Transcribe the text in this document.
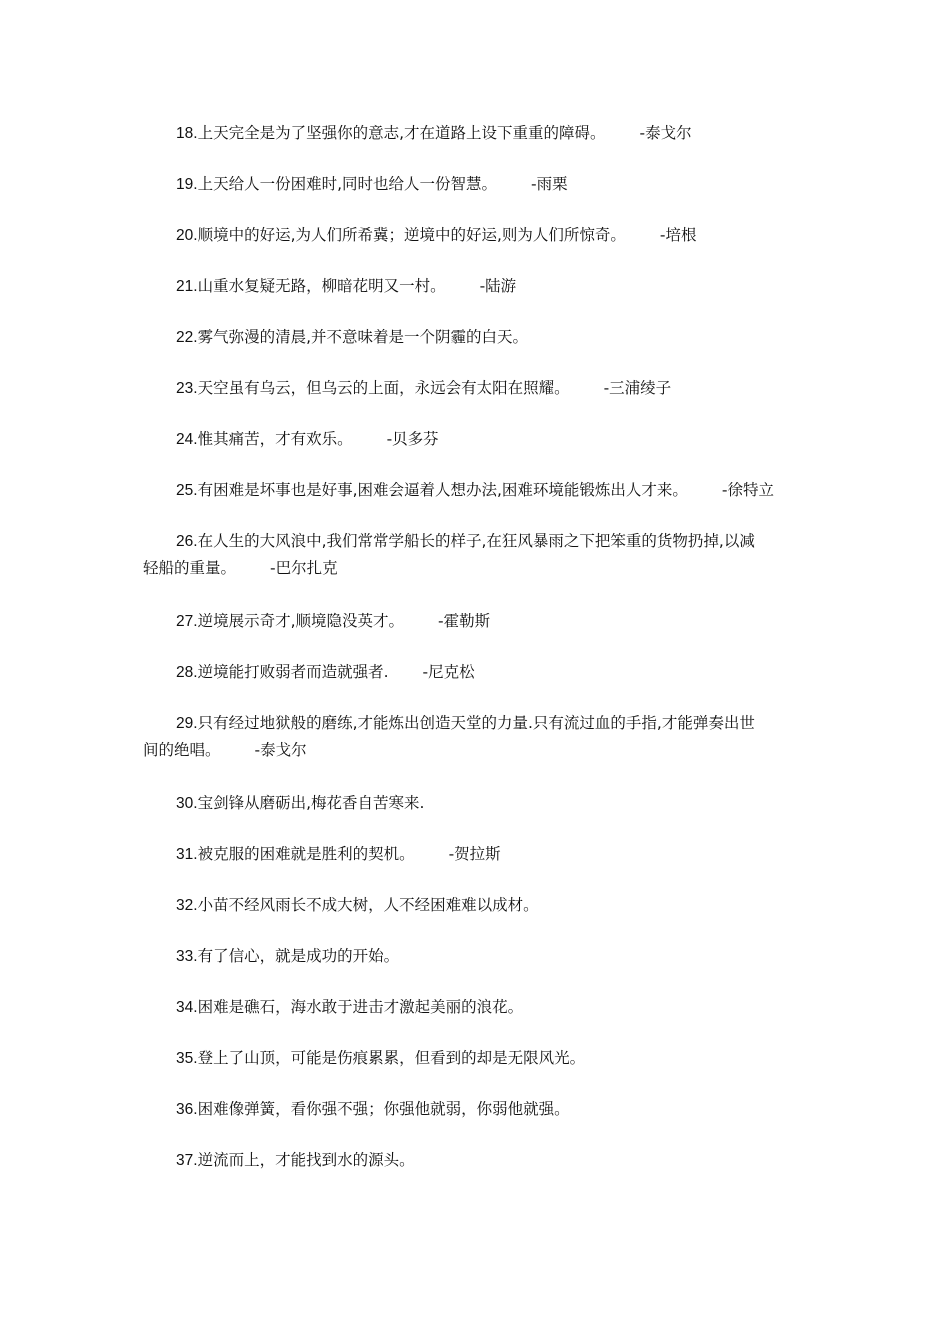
18.上天完全是为了坚强你的意志,才在道路上设下重重的障碍。 -泰戈尔
19.上天给人一份困难时,同时也给人一份智慧。 -雨栗
20.顺境中的好运,为人们所希冀；逆境中的好运,则为人们所惊奇。 -培根
21.山重水复疑无路，柳暗花明又一村。 -陆游
22.雾气弥漫的清晨,并不意味着是一个阴霾的白天。
23.天空虽有乌云，但乌云的上面，永远会有太阳在照耀。 -三浦绫子
24.惟其痛苦，才有欢乐。 -贝多芬
25.有困难是坏事也是好事,困难会逼着人想办法,困难环境能锻炼出人才来。 -徐特立
26.在人生的大风浪中,我们常常学船长的样子,在狂风暴雨之下把笨重的货物扔掉,以减
轻船的重量。 -巴尔扎克
27.逆境展示奇才,顺境隐没英才。 -霍勒斯
28.逆境能打败弱者而造就强者. -尼克松
29.只有经过地狱般的磨练,才能炼出创造天堂的力量.只有流过血的手指,才能弹奏出世
间的绝唱。 -泰戈尔
30.宝剑锋从磨砺出,梅花香自苦寒来.
31.被克服的困难就是胜利的契机。 -贺拉斯
32.小苗不经风雨长不成大树，人不经困难难以成材。
33.有了信心，就是成功的开始。
34.困难是礁石，海水敢于进击才激起美丽的浪花。
35.登上了山顶，可能是伤痕累累，但看到的却是无限风光。
36.困难像弹簧，看你强不强；你强他就弱，你弱他就强。
37.逆流而上，才能找到水的源头。
